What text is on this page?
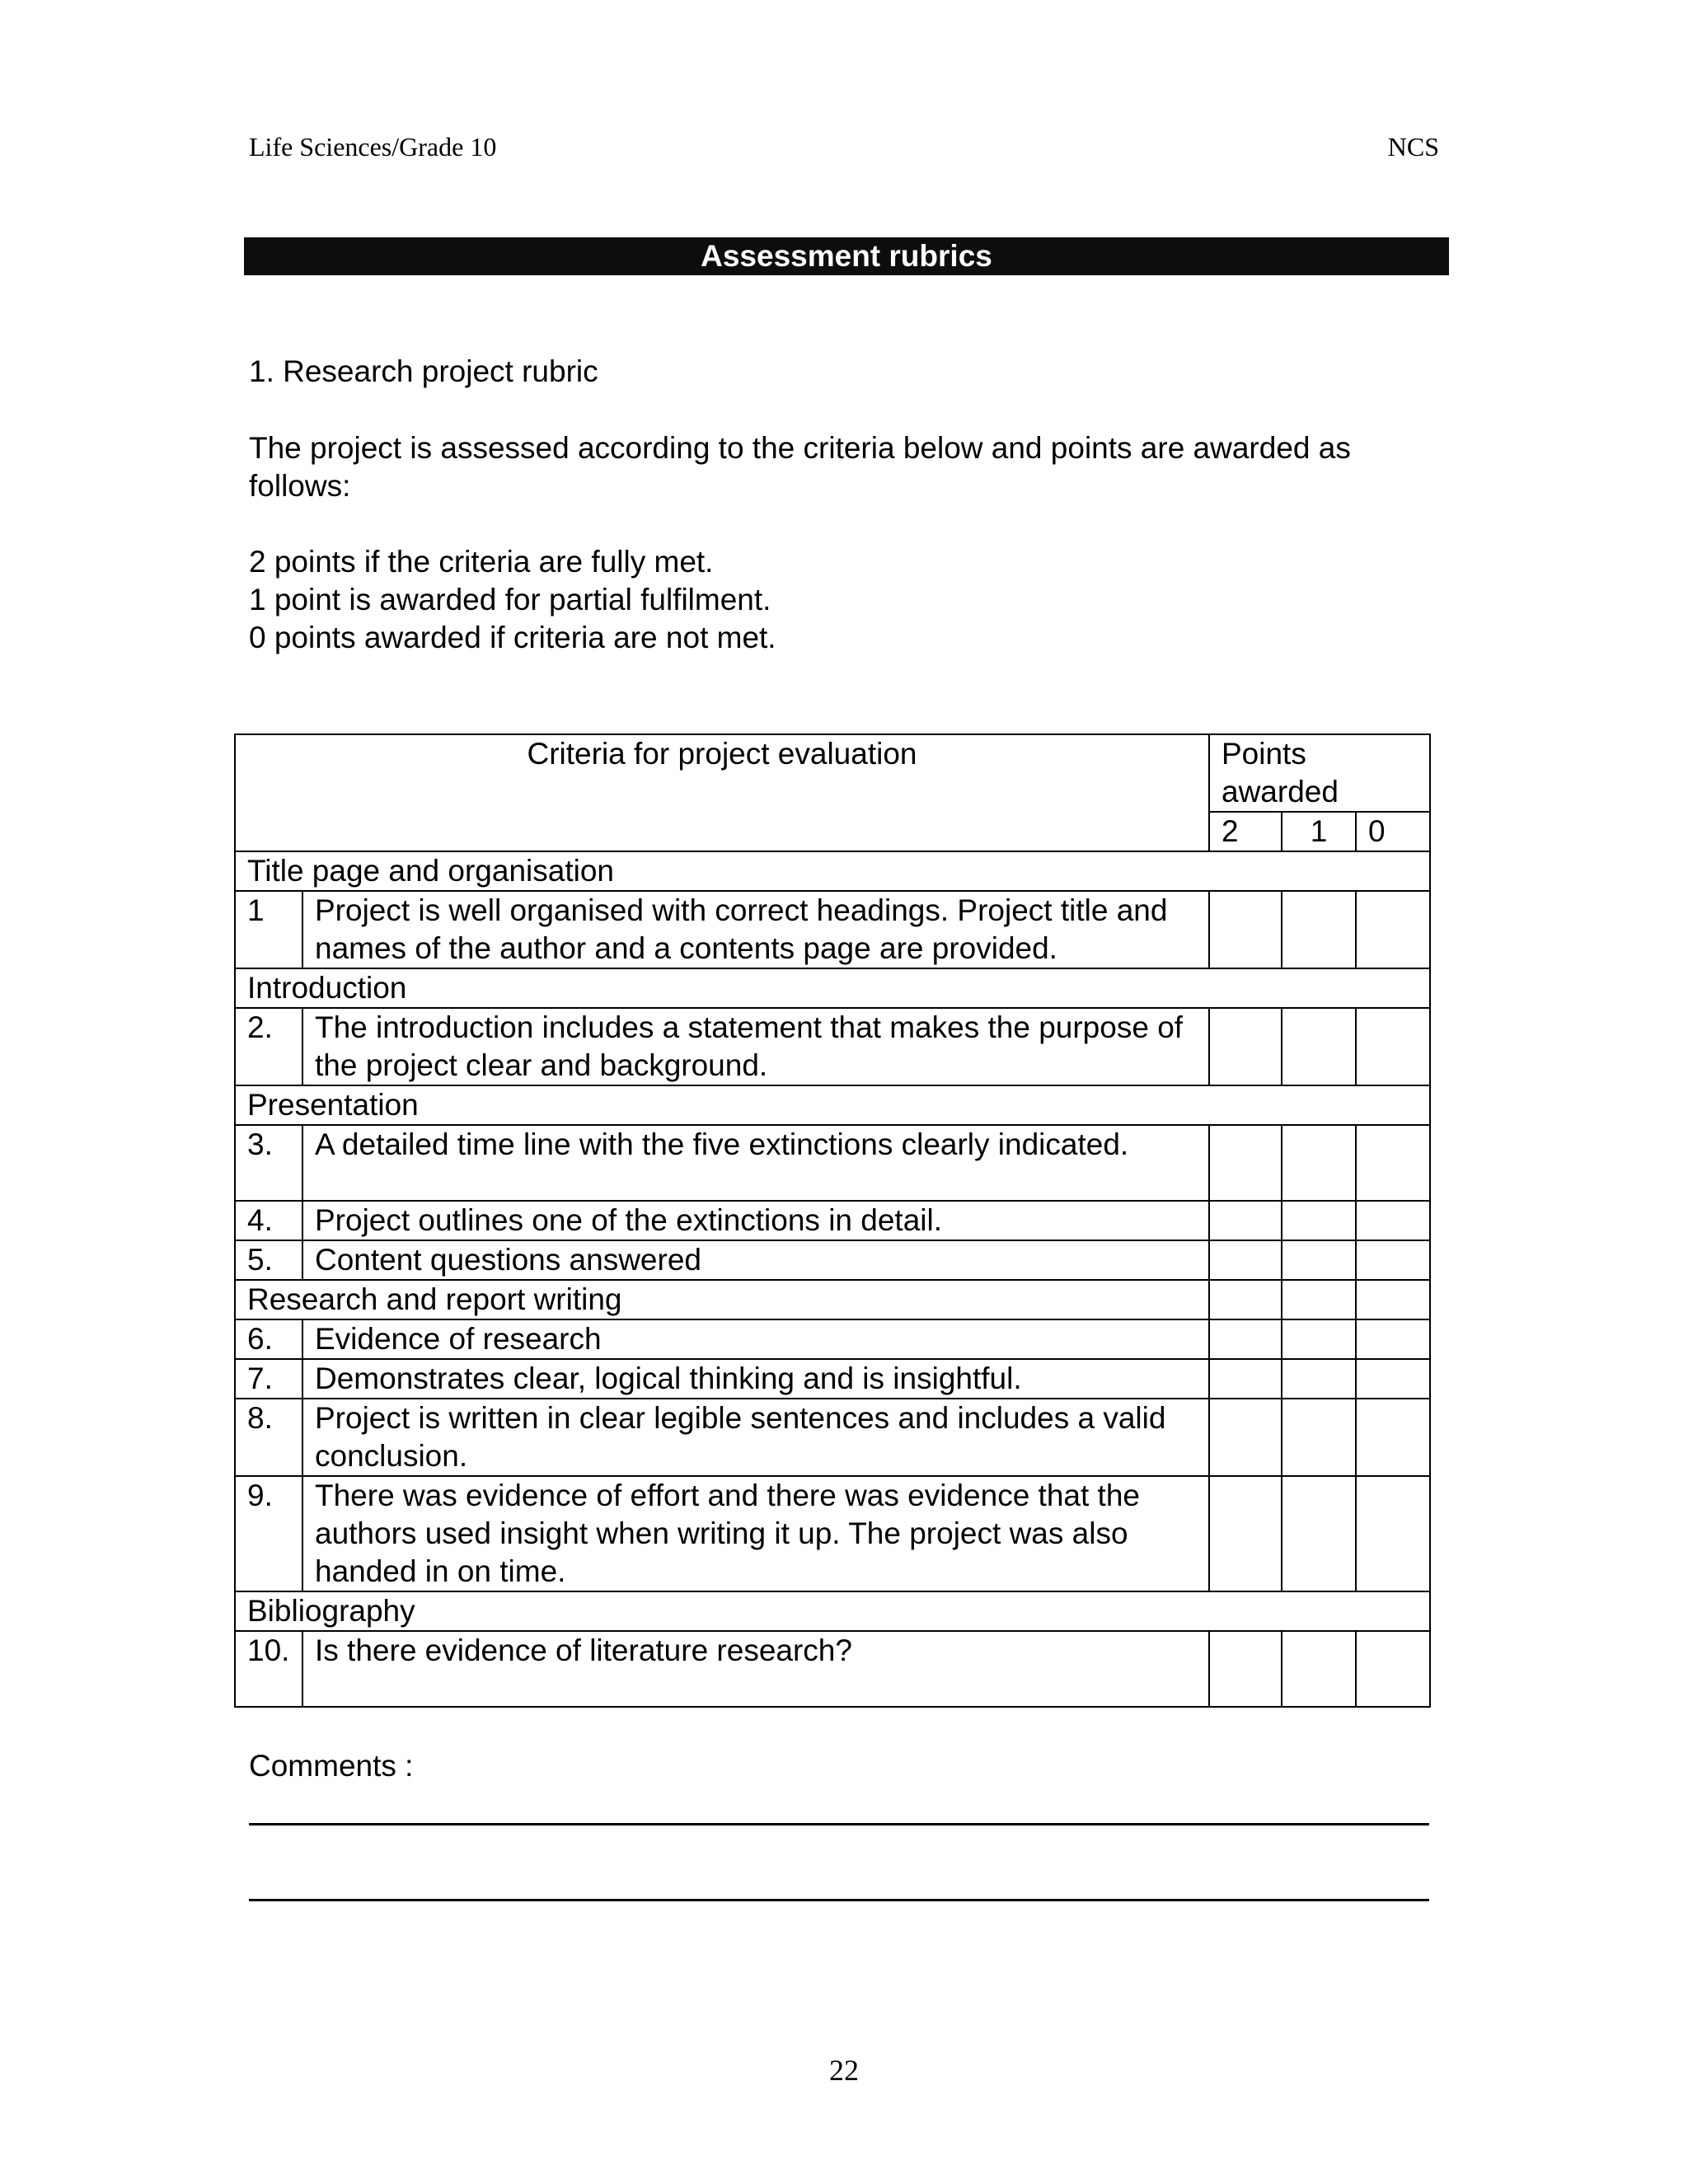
Life Sciences/Grade 10	NCS
Assessment rubrics
1. Research project rubric
The project is assessed according to the criteria below and points are awarded as follows:
2 points if the criteria are fully met.
1 point is awarded for partial fulfilment.
0 points awarded if criteria are not met.
Criteria for project evaluation		Points awarded		
		2	1	0
Title page and organisation				
1	Project is well organised with correct headings. Project title and names of the author and a contents page are provided.			
Introduction				
2.	The introduction includes a statement that makes the purpose of the project clear and background.			
Presentation				
3.	A detailed time line with the five extinctions clearly indicated.			
4.	Project outlines one of the extinctions in detail.			
5.	Content questions answered			
Research and report writing				
6.	Evidence of research			
7.	Demonstrates clear, logical thinking and is insightful.			
8.	Project is written in clear legible sentences and includes a valid conclusion.			
9.	There was evidence of effort and there was evidence that the authors used insight when writing it up. The project was also handed in on time.			
Bibliography				
10.	Is there evidence of literature research?			
Comments :
22
